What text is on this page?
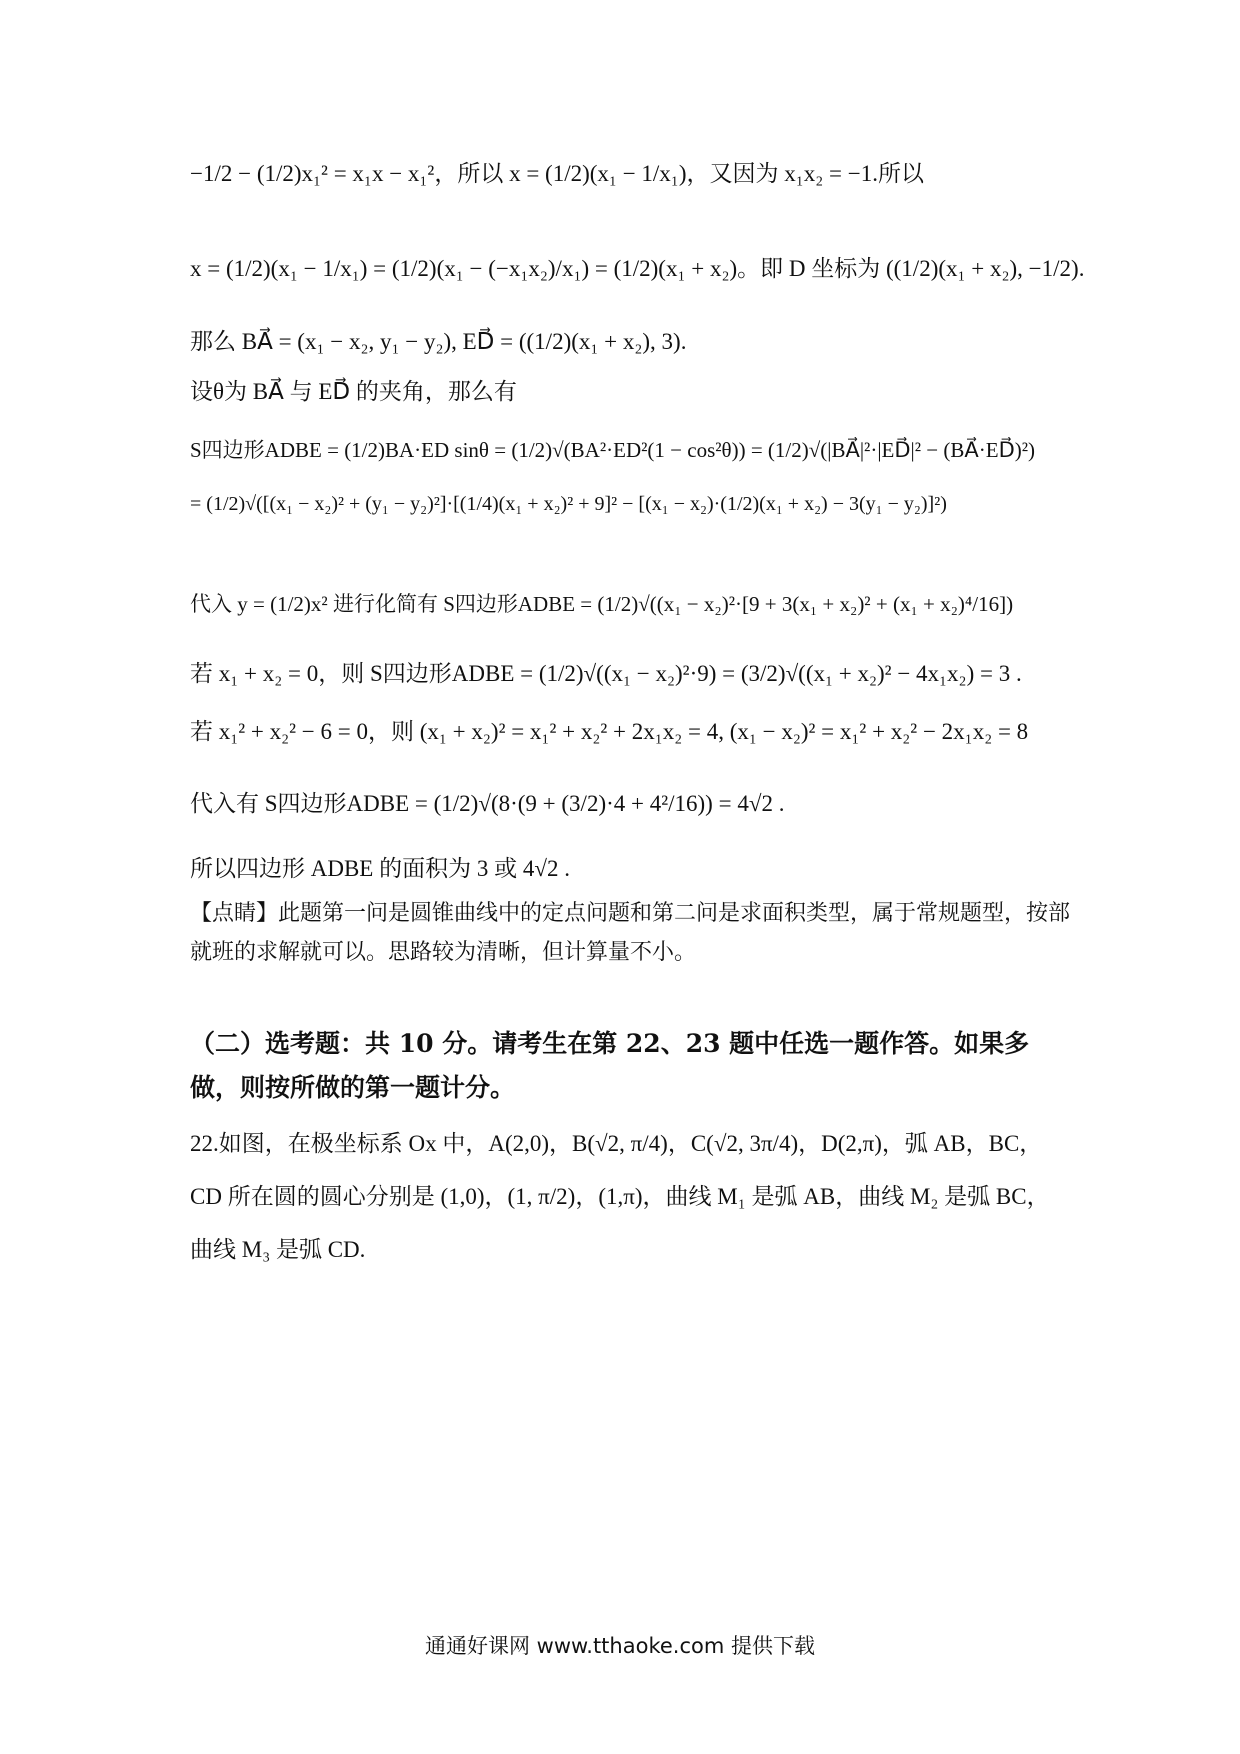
−1/2 − (1/2)x₁² = x₁x − x₁²，所以 x = (1/2)(x₁ − 1/x₁)，又因为 x₁x₂ = −1.所以
x = (1/2)(x₁ − 1/x₁) = (1/2)(x₁ − (−x₁x₂)/x₁) = (1/2)(x₁ + x₂)。即 D 坐标为 ((1/2)(x₁ + x₂), −1/2).
那么 BA⃗ = (x₁ − x₂, y₁ − y₂), ED⃗ = ((1/2)(x₁ + x₂), 3).
设θ为 BA⃗ 与 ED⃗ 的夹角，那么有
S四边形ADBE = (1/2)BA·ED sinθ = (1/2)√(BA²·ED²(1 − cos²θ)) = (1/2)√(|BA⃗|²·|ED⃗|² − (BA⃗·ED⃗)²)
= (1/2)√([(x₁ − x₂)² + (y₁ − y₂)²]·[(1/4)(x₁ + x₂)² + 9]² − [(x₁ − x₂)·(1/2)(x₁ + x₂) − 3(y₁ − y₂)]²)
代入 y = (1/2)x² 进行化简有 S四边形ADBE = (1/2)√((x₁ − x₂)²·[9 + 3(x₁ + x₂)² + (x₁ + x₂)⁴/16])
若 x₁ + x₂ = 0，则 S四边形ADBE = (1/2)√((x₁ − x₂)²·9) = (3/2)√((x₁ + x₂)² − 4x₁x₂) = 3 .
若 x₁² + x₂² − 6 = 0，则 (x₁ + x₂)² = x₁² + x₂² + 2x₁x₂ = 4, (x₁ − x₂)² = x₁² + x₂² − 2x₁x₂ = 8
代入有 S四边形ADBE = (1/2)√(8·(9 + (3/2)·4 + 4²/16)) = 4√2 .
所以四边形 ADBE 的面积为 3 或 4√2 .
【点睛】此题第一问是圆锥曲线中的定点问题和第二问是求面积类型，属于常规题型，按部就班的求解就可以。思路较为清晰，但计算量不小。
（二）选考题：共 10 分。请考生在第 22、23 题中任选一题作答。如果多做，则按所做的第一题计分。
22.如图，在极坐标系 Ox 中，A(2,0)，B(√2, π/4)，C(√2, 3π/4)，D(2,π)，弧 AB，BC，CD 所在圆的圆心分别是 (1,0)，(1, π/2)，(1,π)，曲线 M₁ 是弧 AB，曲线 M₂ 是弧 BC，曲线 M₃ 是弧 CD.
通通好课网 www.tthaoke.com 提供下载
